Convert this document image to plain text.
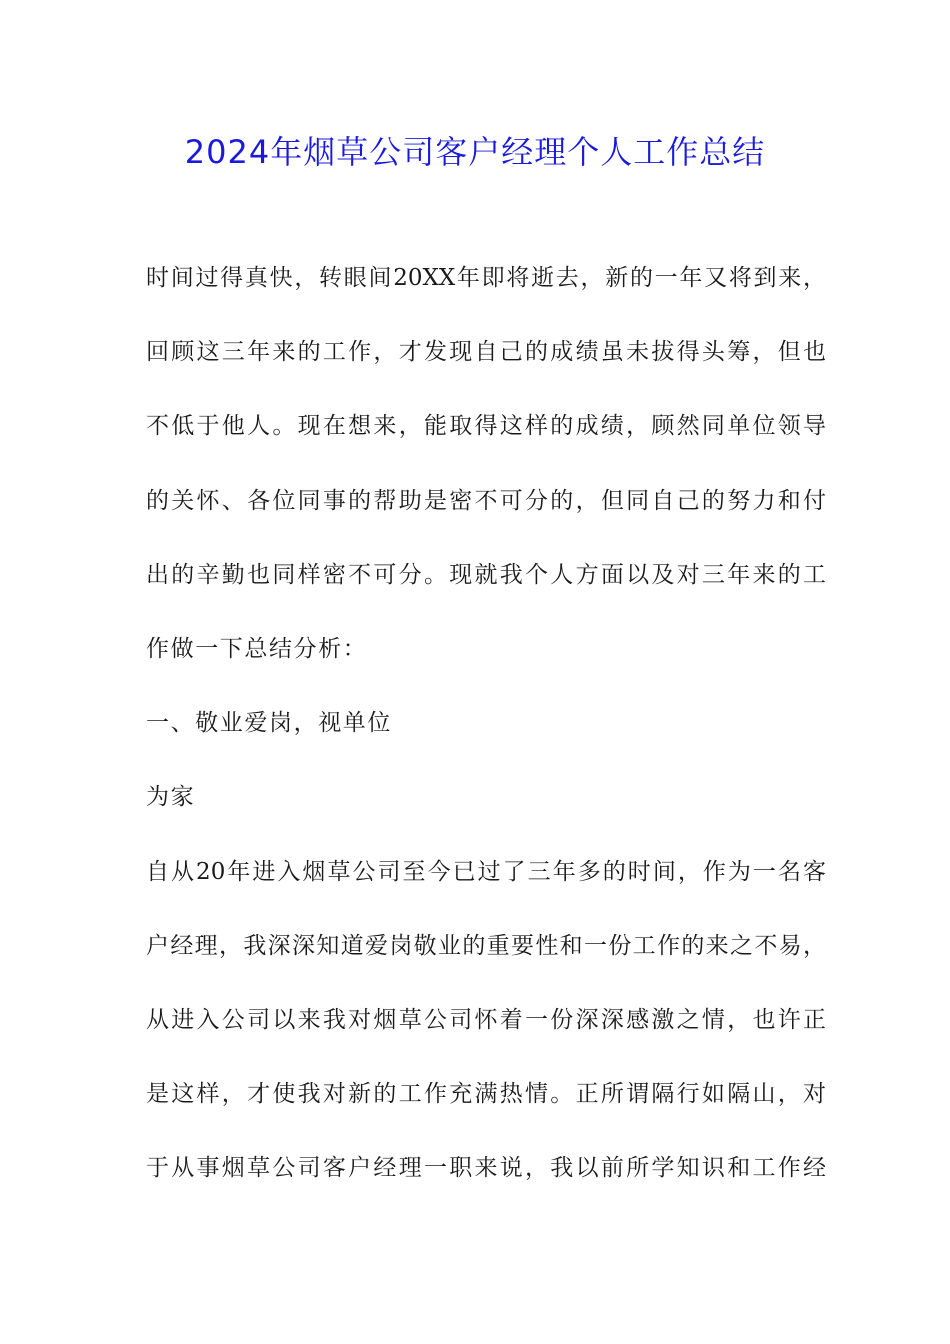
2024年烟草公司客户经理个人工作总结
时间过得真快，转眼间20XX年即将逝去，新的一年又将到来，
回顾这三年来的工作，才发现自己的成绩虽未拔得头筹，但也
不低于他人。现在想来，能取得这样的成绩，顾然同单位领导
的关怀、各位同事的帮助是密不可分的，但同自己的努力和付
出的辛勤也同样密不可分。现就我个人方面以及对三年来的工
作做一下总结分析：
一、敬业爱岗，视单位
为家
自从20年进入烟草公司至今已过了三年多的时间，作为一名客
户经理，我深深知道爱岗敬业的重要性和一份工作的来之不易，
从进入公司以来我对烟草公司怀着一份深深感激之情，也许正
是这样，才使我对新的工作充满热情。正所谓隔行如隔山，对
于从事烟草公司客户经理一职来说，我以前所学知识和工作经
